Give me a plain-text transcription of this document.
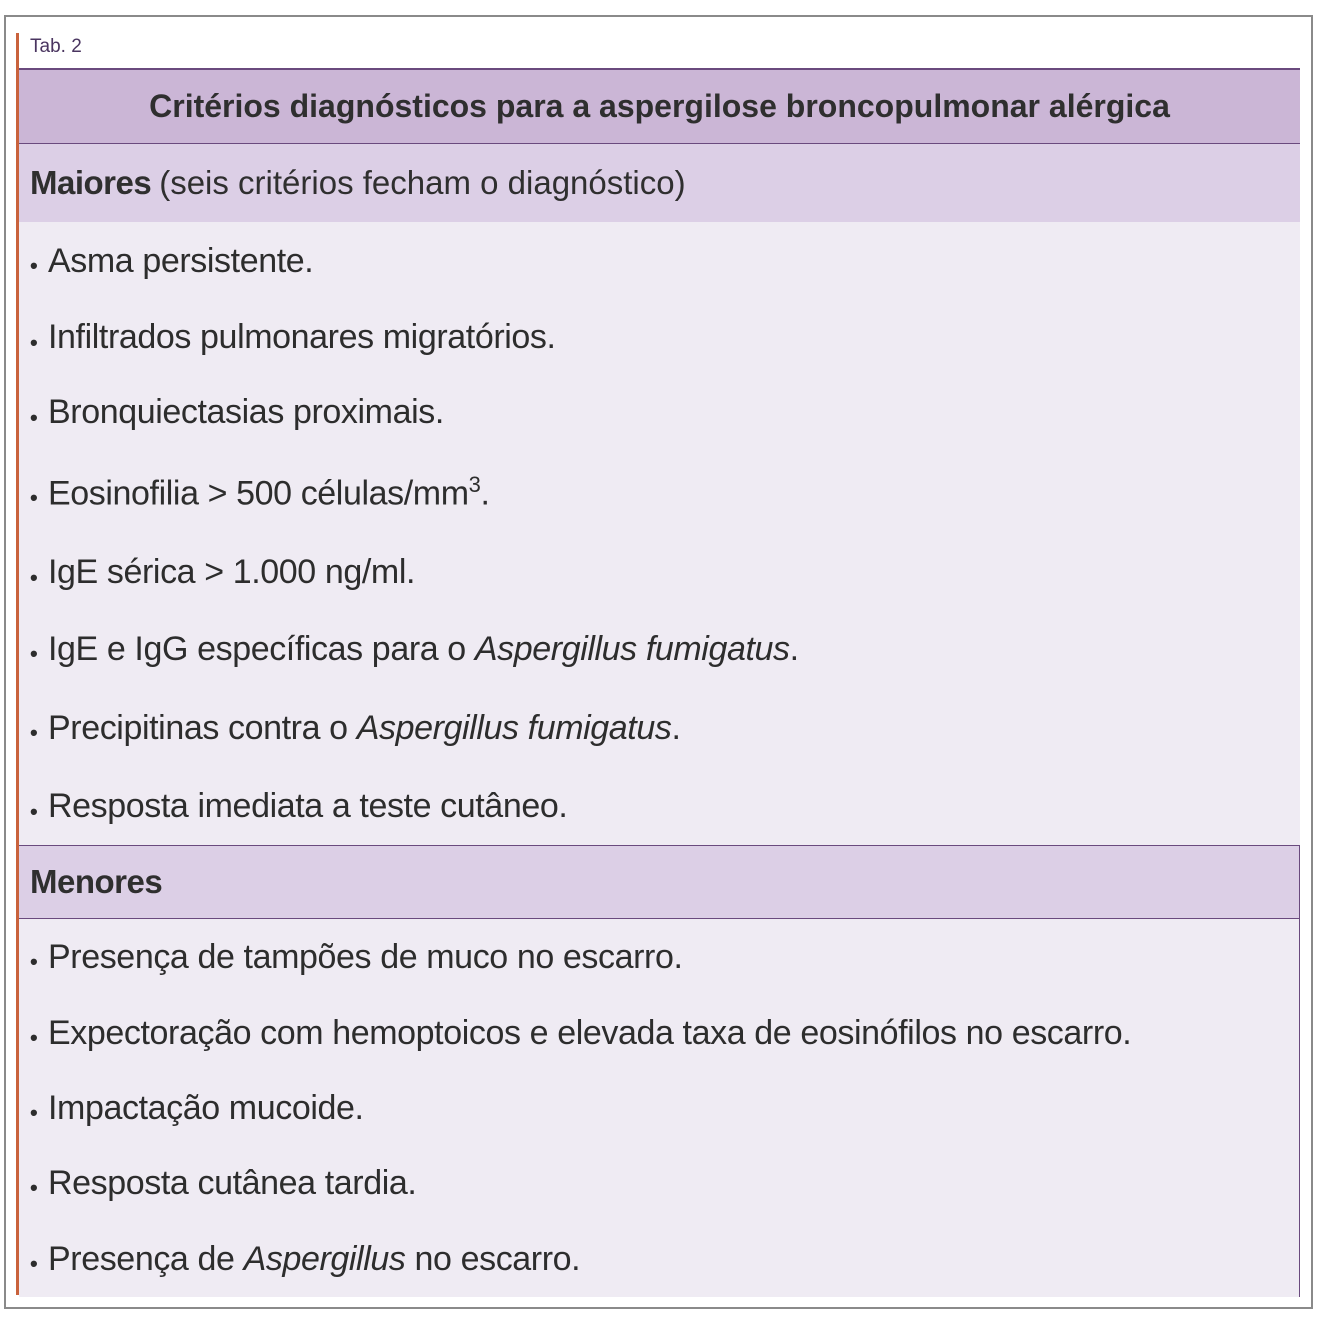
Tab. 2
Critérios diagnósticos para a aspergilose broncopulmonar alérgica
Maiores (seis critérios fecham o diagnóstico)
• Asma persistente.
• Infiltrados pulmonares migratórios.
• Bronquiectasias proximais.
• Eosinofilia > 500 células/$mm^3$.
• IgE sérica > 1.000 ng/ml.
• IgE e IgG específicas para o Aspergillus fumigatus.
• Precipitinas contra o Aspergillus fumigatus.
• Resposta imediata a teste cutâneo.
Menores
• Presença de tampões de muco no escarro.
• Expectoração com hemoptoicos e elevada taxa de eosinófilos no escarro.
• Impactação mucoide.
• Resposta cutânea tardia.
• Presença de Aspergillus no escarro.
